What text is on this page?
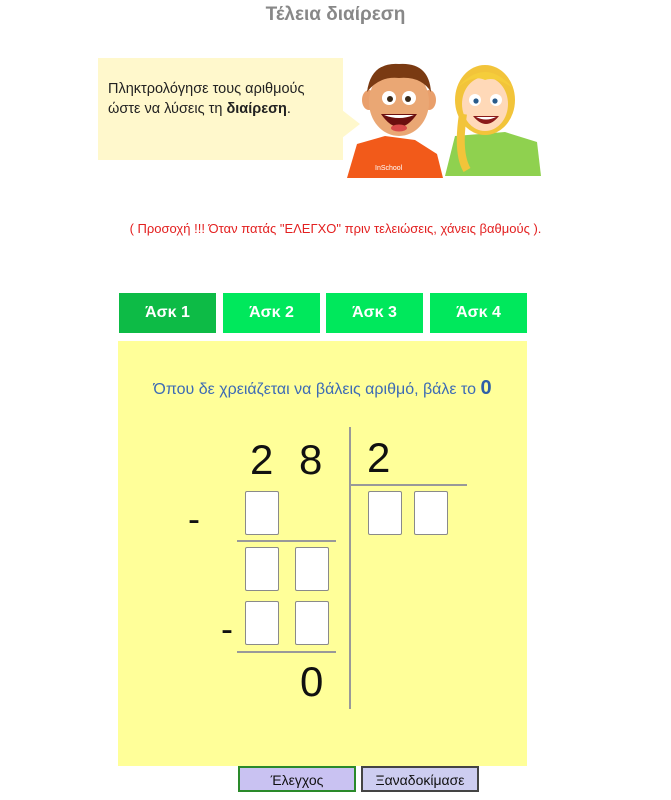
Τέλεια διαίρεση
Πληκτρολόγησε τους αριθμούς
ώστε να λύσεις τη διαίρεση.
InSchool
( Προσοχή !!! Όταν πατάς "ΕΛΕΓΧΟ" πριν τελειώσεις, χάνεις βαθμούς ).
Άσκ 1	Άσκ 2	Άσκ 3	Άσκ 4
Όπου δε χρειάζεται να βάλεις αριθμό, βάλε το 0
2 8 2
-
-
0
Έλεγχος	Ξαναδοκίμασε
